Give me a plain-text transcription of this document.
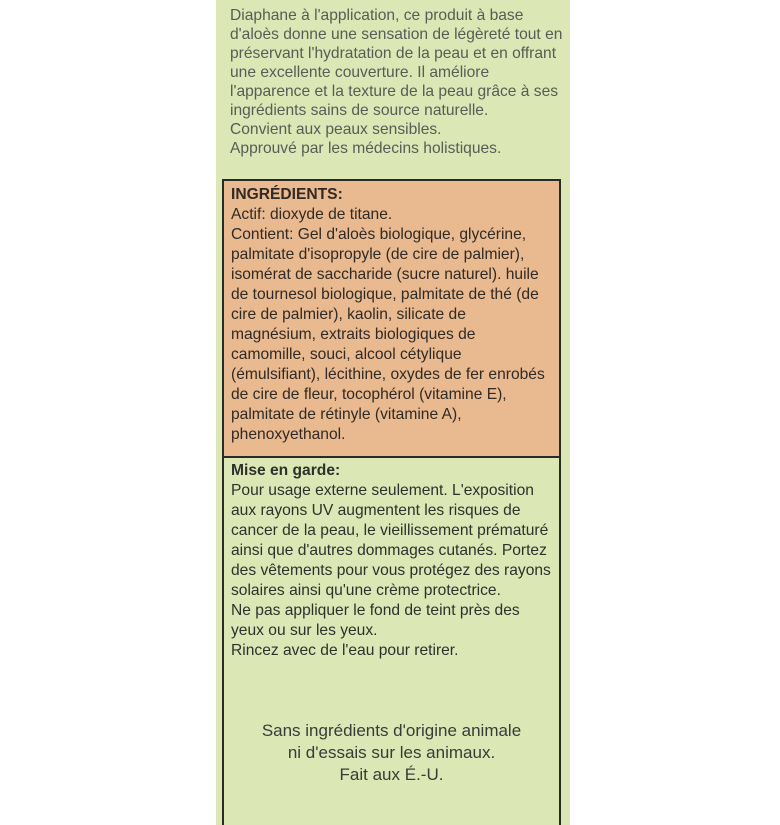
Diaphane à l'application, ce produit à base d'aloès donne une sensation de légèreté tout en préservant l'hydratation de la peau et en offrant une excellente couverture. Il améliore l'apparence et la texture de la peau grâce à ses ingrédients sains de source naturelle.

Convient aux peaux sensibles.

Approuvé par les médecins holistiques.

INGRÉDIENTS:

Actif: dioxyde de titane.

Contient: Gel d'aloès biologique, glycérine, palmitate d'isopropyle (de cire de palmier), isomérat de saccharide (sucre naturel). huile de tournesol biologique, palmitate de thé (de cire de palmier), kaolin, silicate de magnésium, extraits biologiques de camomille, souci, alcool cétylique (émulsifiant), lécithine, oxydes de fer enrobés de cire de fleur, tocophérol (vitamine E), palmitate de rétinyle (vitamine A), phenoxyethanol.

Mise en garde:

Pour usage externe seulement. L'exposition aux rayons UV augmentent les risques de cancer de la peau, le vieillissement prématuré ainsi que d'autres dommages cutanés. Portez des vêtements pour vous protégez des rayons solaires ainsi qu'une crème protectrice.

Ne pas appliquer le fond de teint près des yeux ou sur les yeux.

Rincez avec de l'eau pour retirer.

Sans ingrédients d'origine animale

ni d'essais sur les animaux.

Fait aux É.-U.
